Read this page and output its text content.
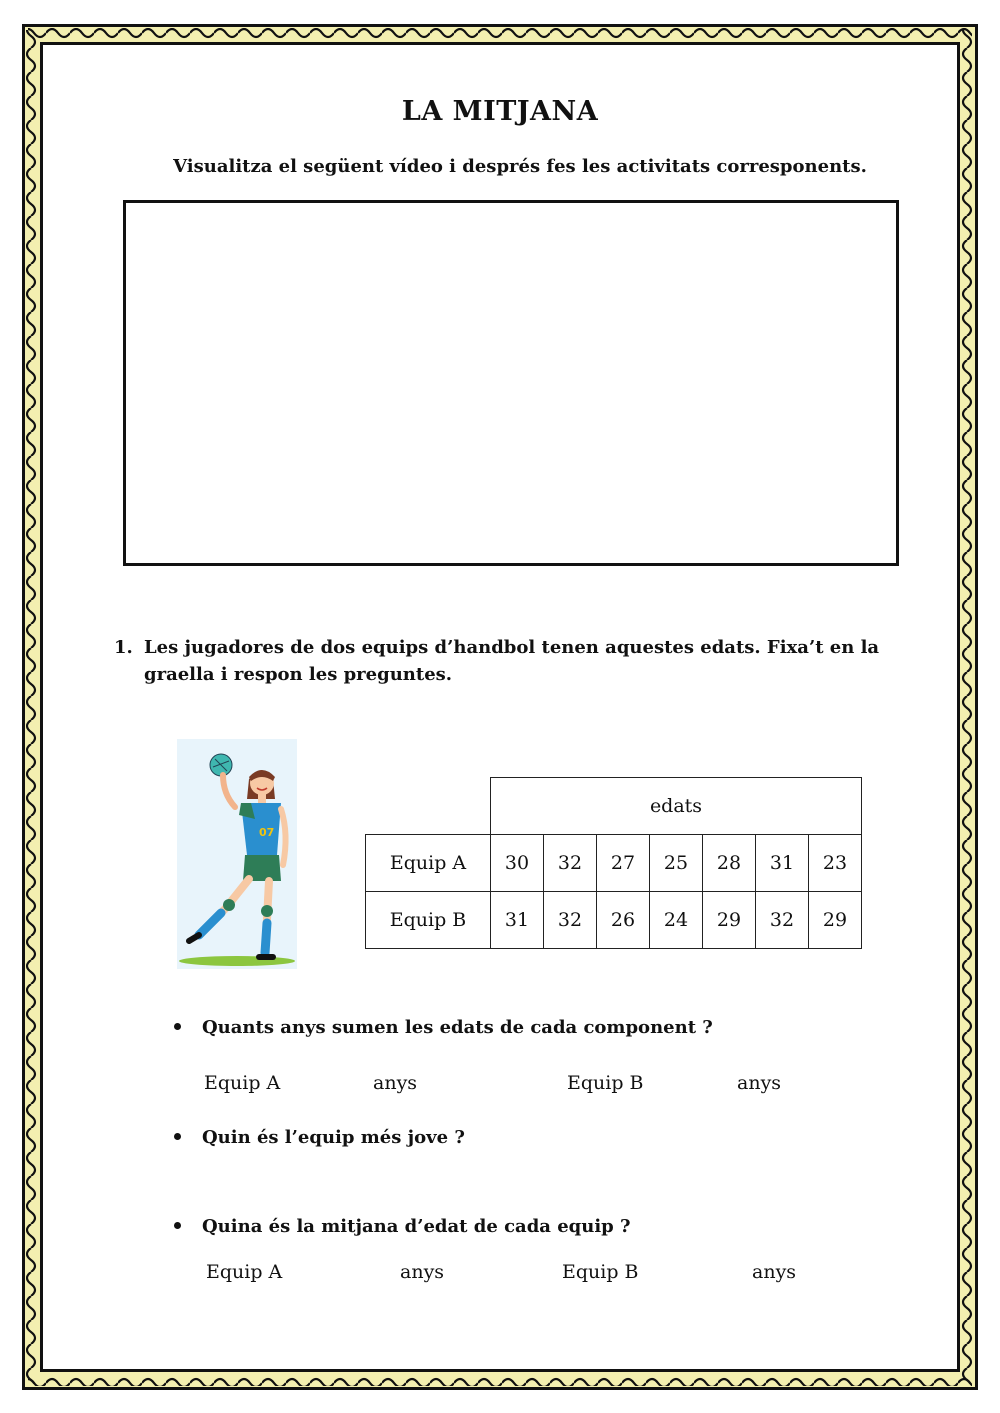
LA MITJANA
Visualitza el següent vídeo i després fes les activitats corresponents.
1. Les jugadores de dos equips d’handbol tenen aquestes edats. Fixa’t en la graella i respon les preguntes.
07
	edats						
Equip A	30	32	27	25	28	31	23
Equip B	31	32	26	24	29	32	29
Quants anys sumen les edats de cada component ?
Equip A	anys	Equip B	anys
Quin és l’equip més jove ?
Quina és la mitjana d’edat de cada equip ?
Equip A	anys	Equip B	anys
